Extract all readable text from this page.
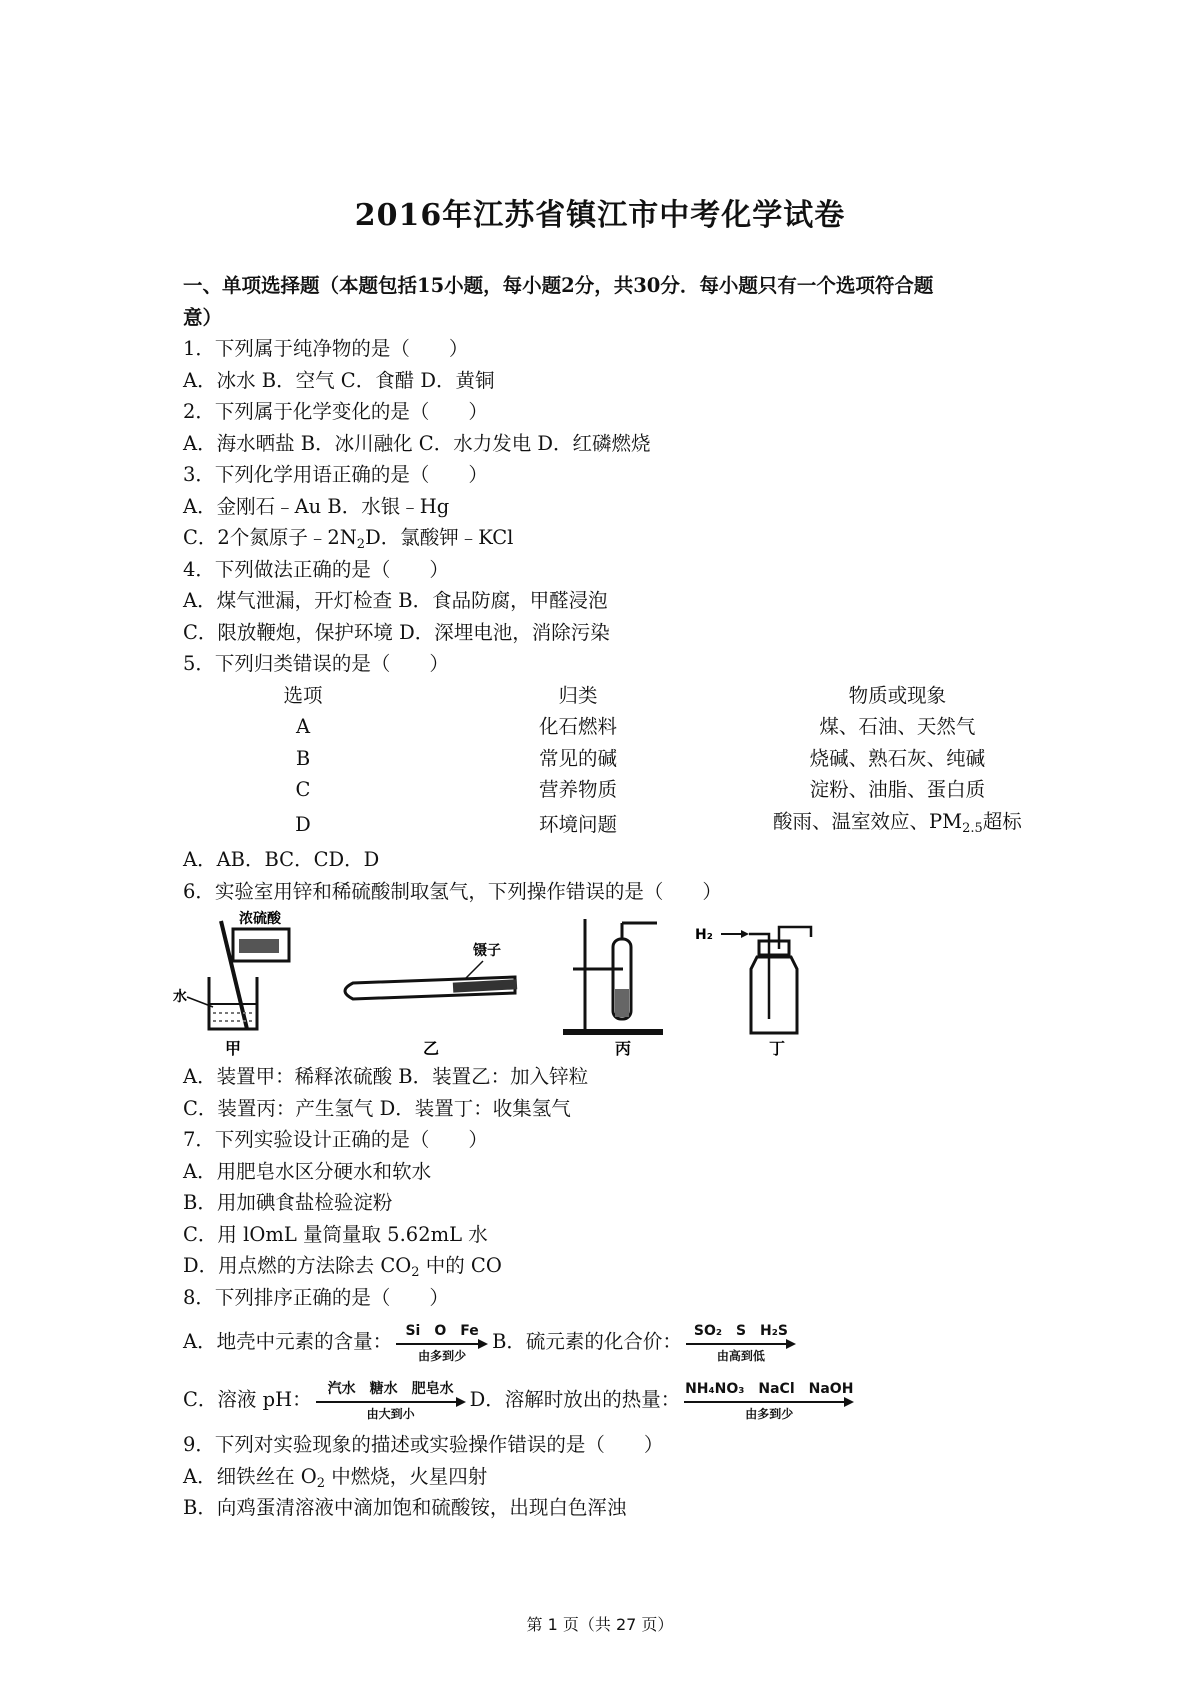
2016年江苏省镇江市中考化学试卷
一、单项选择题（本题包括15小题，每小题2分，共30分．每小题只有一个选项符合题
意）
1．下列属于纯净物的是（　　）
A．冰水 B．空气 C．食醋 D．黄铜
2．下列属于化学变化的是（　　）
A．海水晒盐 B．冰川融化 C．水力发电 D．红磷燃烧
3．下列化学用语正确的是（　　）
A．金刚石﹣Au B．水银﹣Hg
C．2个氮原子$﹣2N_2D$．氯酸钾﹣KCl
4．下列做法正确的是（　　）
A．煤气泄漏，开灯检查 B．食品防腐，甲醛浸泡
C．限放鞭炮，保护环境 D．深埋电池，消除污染
5．下列归类错误的是（　　）
选项	归类	物质或现象
A	化石燃料	煤、石油、天然气
B	常见的碱	烧碱、熟石灰、纯碱
C	营养物质	淀粉、油脂、蛋白质
D	环境问题	酸雨、温室效应、$PM_{2.5}$超标
A．AB．BC．CD．D
6．实验室用锌和稀硫酸制取氢气，下列操作错误的是（　　）
浓硫酸
水
甲
镊子
乙	丙
H₂
丁
A．装置甲：稀释浓硫酸 B．装置乙：加入锌粒
C．装置丙：产生氢气 D．装置丁：收集氢气
7．下列实验设计正确的是（　　）
A．用肥皂水区分硬水和软水
B．用加碘食盐检验淀粉
C．用 lOmL 量筒量取 5.62mL 水
D．用点燃的方法除去 $CO_2$ 中的 CO
8．下列排序正确的是（　　）
A．地壳中元素的含量： Si　O　Fe
由多到少
B．硫元素的化合价： SO₂　S　H₂S
由高到低
C．溶液 pH：	汽水　糖水　肥皂水
由大到小
D．溶解时放出的热量： NH₄NO₃　NaCl　NaOH
由多到少
9．下列对实验现象的描述或实验操作错误的是（　　）
A．细铁丝在 $O_2$ 中燃烧，火星四射
B．向鸡蛋清溶液中滴加饱和硫酸铵，出现白色浑浊
第 1 页（共 27 页）
